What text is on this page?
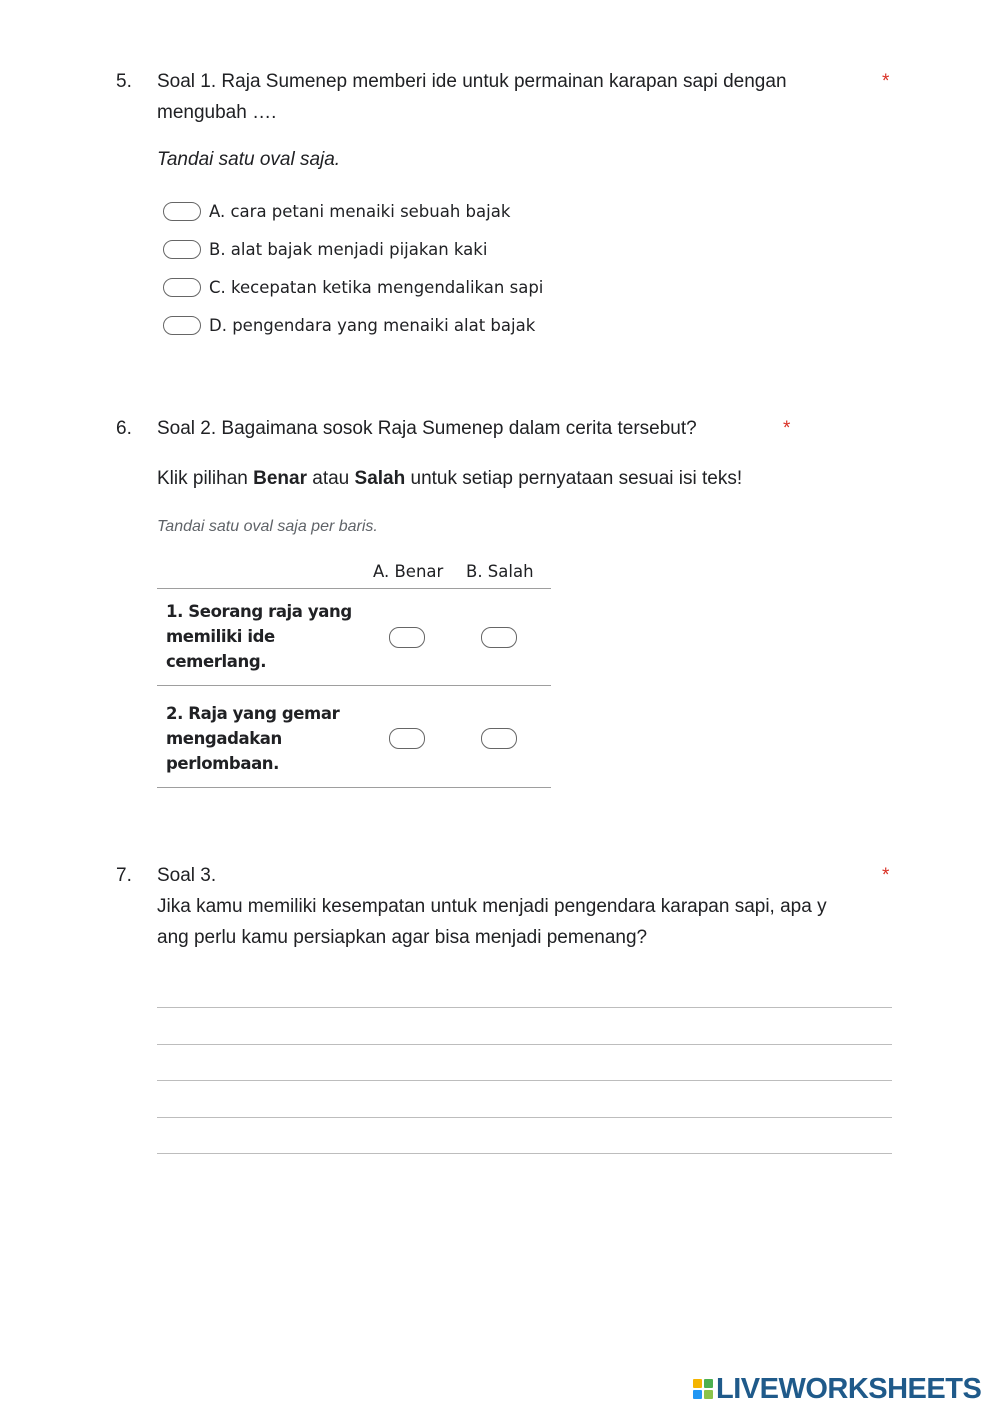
5. Soal 1. Raja Sumenep memberi ide untuk permainan karapan sapi dengan
mengubah ….
*
Tandai satu oval saja.
A. cara petani menaiki sebuah bajak
B. alat bajak menjadi pijakan kaki
C. kecepatan ketika mengendalikan sapi
D. pengendara yang menaiki alat bajak
6. Soal 2. Bagaimana sosok Raja Sumenep dalam cerita tersebut?	*
Klik pilihan Benar atau Salah untuk setiap pernyataan sesuai isi teks!
Tandai satu oval saja per baris.
A. Benar B. Salah
1. Seorang raja yang
memiliki ide
cemerlang.
2. Raja yang gemar
mengadakan
perlombaan.
7. Soal 3.
Jika kamu memiliki kesempatan untuk menjadi pengendara karapan sapi, apa y
ang perlu kamu persiapkan agar bisa menjadi pemenang?
*
LIVEWORKSHEETS
